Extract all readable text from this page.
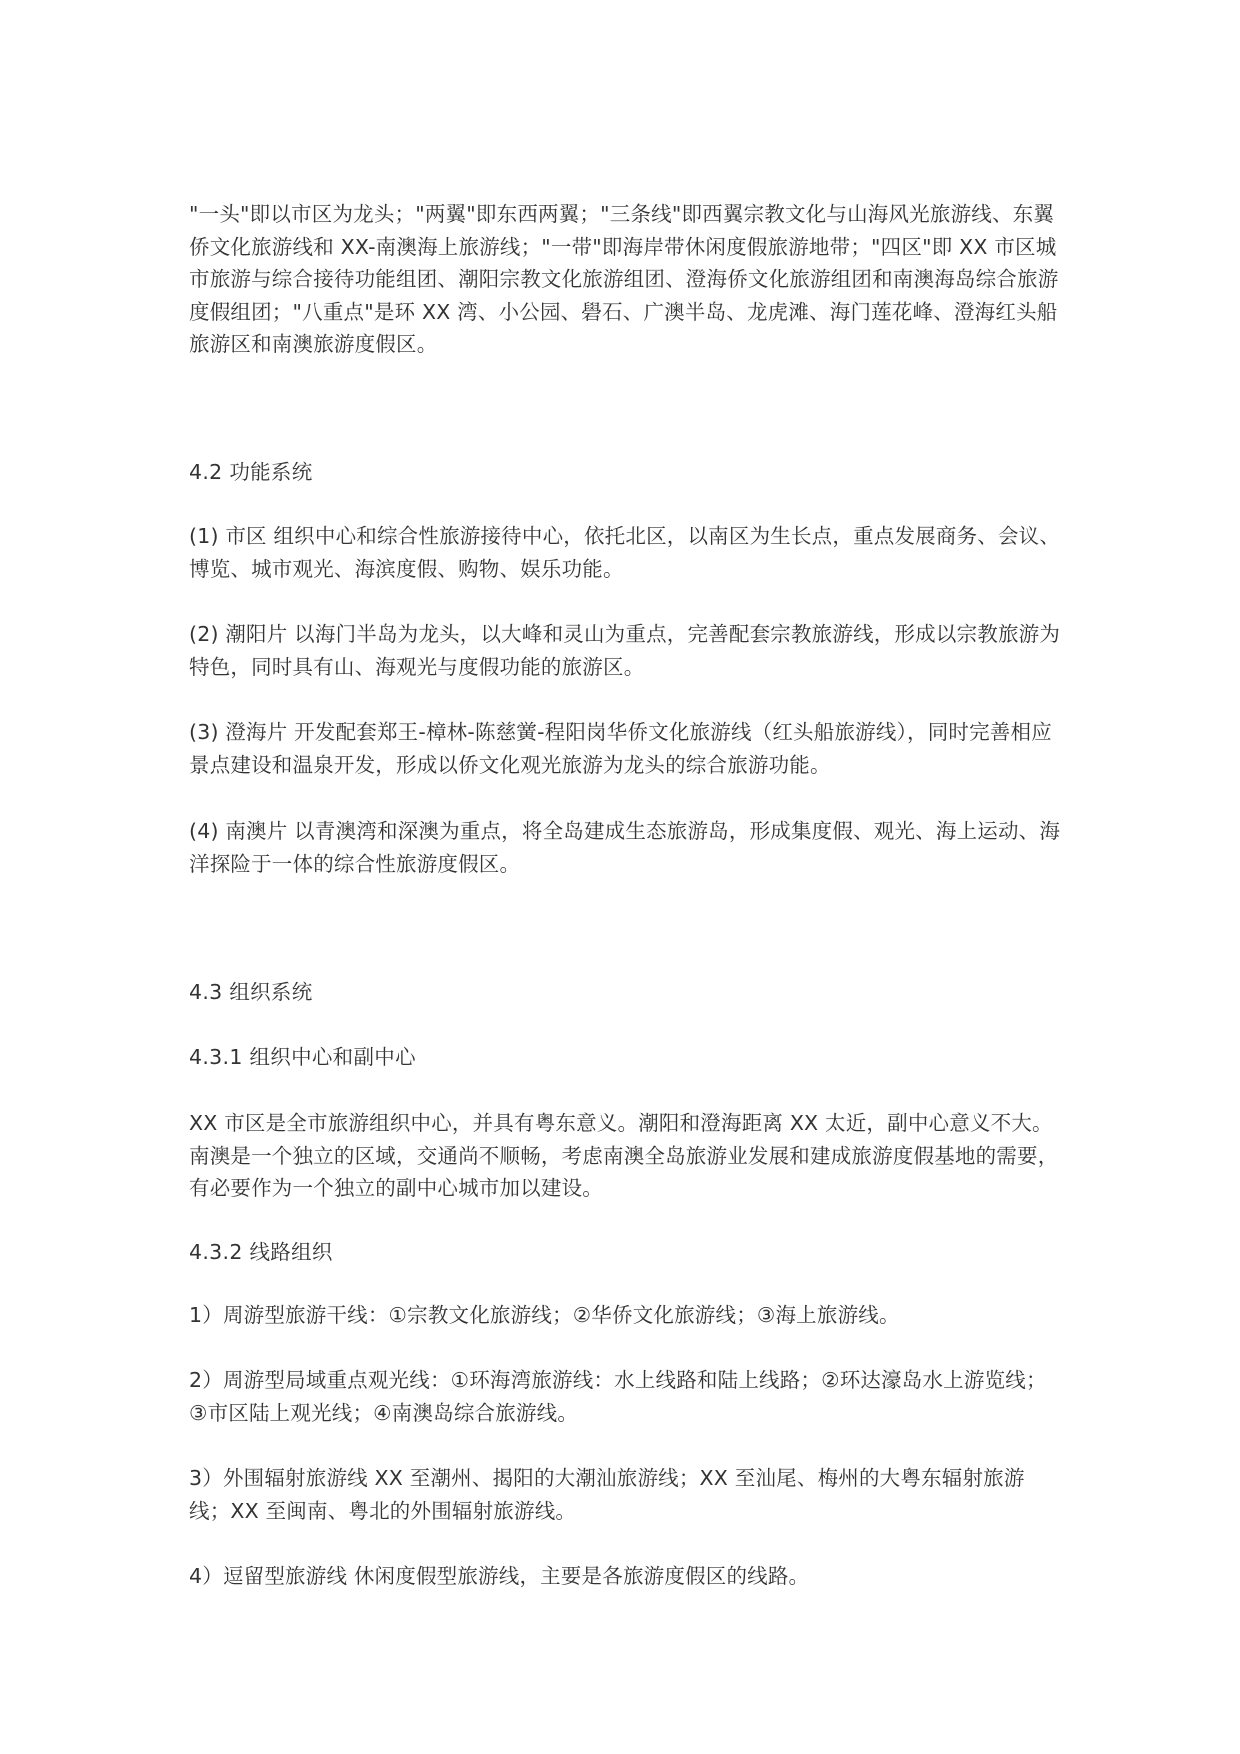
"一头"即以市区为龙头；"两翼"即东西两翼；"三条线"即西翼宗教文化与山海风光旅游线、东翼侨文化旅游线和 XX-南澳海上旅游线；"一带"即海岸带休闲度假旅游地带；"四区"即 XX 市区城市旅游与综合接待功能组团、潮阳宗教文化旅游组团、澄海侨文化旅游组团和南澳海岛综合旅游度假组团；"八重点"是环 XX 湾、小公园、礐石、广澳半岛、龙虎滩、海门莲花峰、澄海红头船旅游区和南澳旅游度假区。

4.2 功能系统

(1) 市区 组织中心和综合性旅游接待中心，依托北区，以南区为生长点，重点发展商务、会议、博览、城市观光、海滨度假、购物、娱乐功能。

(2) 潮阳片 以海门半岛为龙头，以大峰和灵山为重点，完善配套宗教旅游线，形成以宗教旅游为特色，同时具有山、海观光与度假功能的旅游区。

(3) 澄海片 开发配套郑王-樟林-陈慈黉-程阳岗华侨文化旅游线（红头船旅游线），同时完善相应景点建设和温泉开发，形成以侨文化观光旅游为龙头的综合旅游功能。

(4) 南澳片 以青澳湾和深澳为重点，将全岛建成生态旅游岛，形成集度假、观光、海上运动、海洋探险于一体的综合性旅游度假区。

4.3 组织系统
4.3.1 组织中心和副中心

XX 市区是全市旅游组织中心，并具有粤东意义。潮阳和澄海距离 XX 太近，副中心意义不大。南澳是一个独立的区域，交通尚不顺畅，考虑南澳全岛旅游业发展和建成旅游度假基地的需要，有必要作为一个独立的副中心城市加以建设。

4.3.2 线路组织

1）周游型旅游干线：①宗教文化旅游线；②华侨文化旅游线；③海上旅游线。

2）周游型局域重点观光线：①环海湾旅游线：水上线路和陆上线路；②环达濠岛水上游览线；③市区陆上观光线；④南澳岛综合旅游线。

3）外围辐射旅游线 XX 至潮州、揭阳的大潮汕旅游线；XX 至汕尾、梅州的大粤东辐射旅游线；XX 至闽南、粤北的外围辐射旅游线。

4）逗留型旅游线 休闲度假型旅游线，主要是各旅游度假区的线路。
